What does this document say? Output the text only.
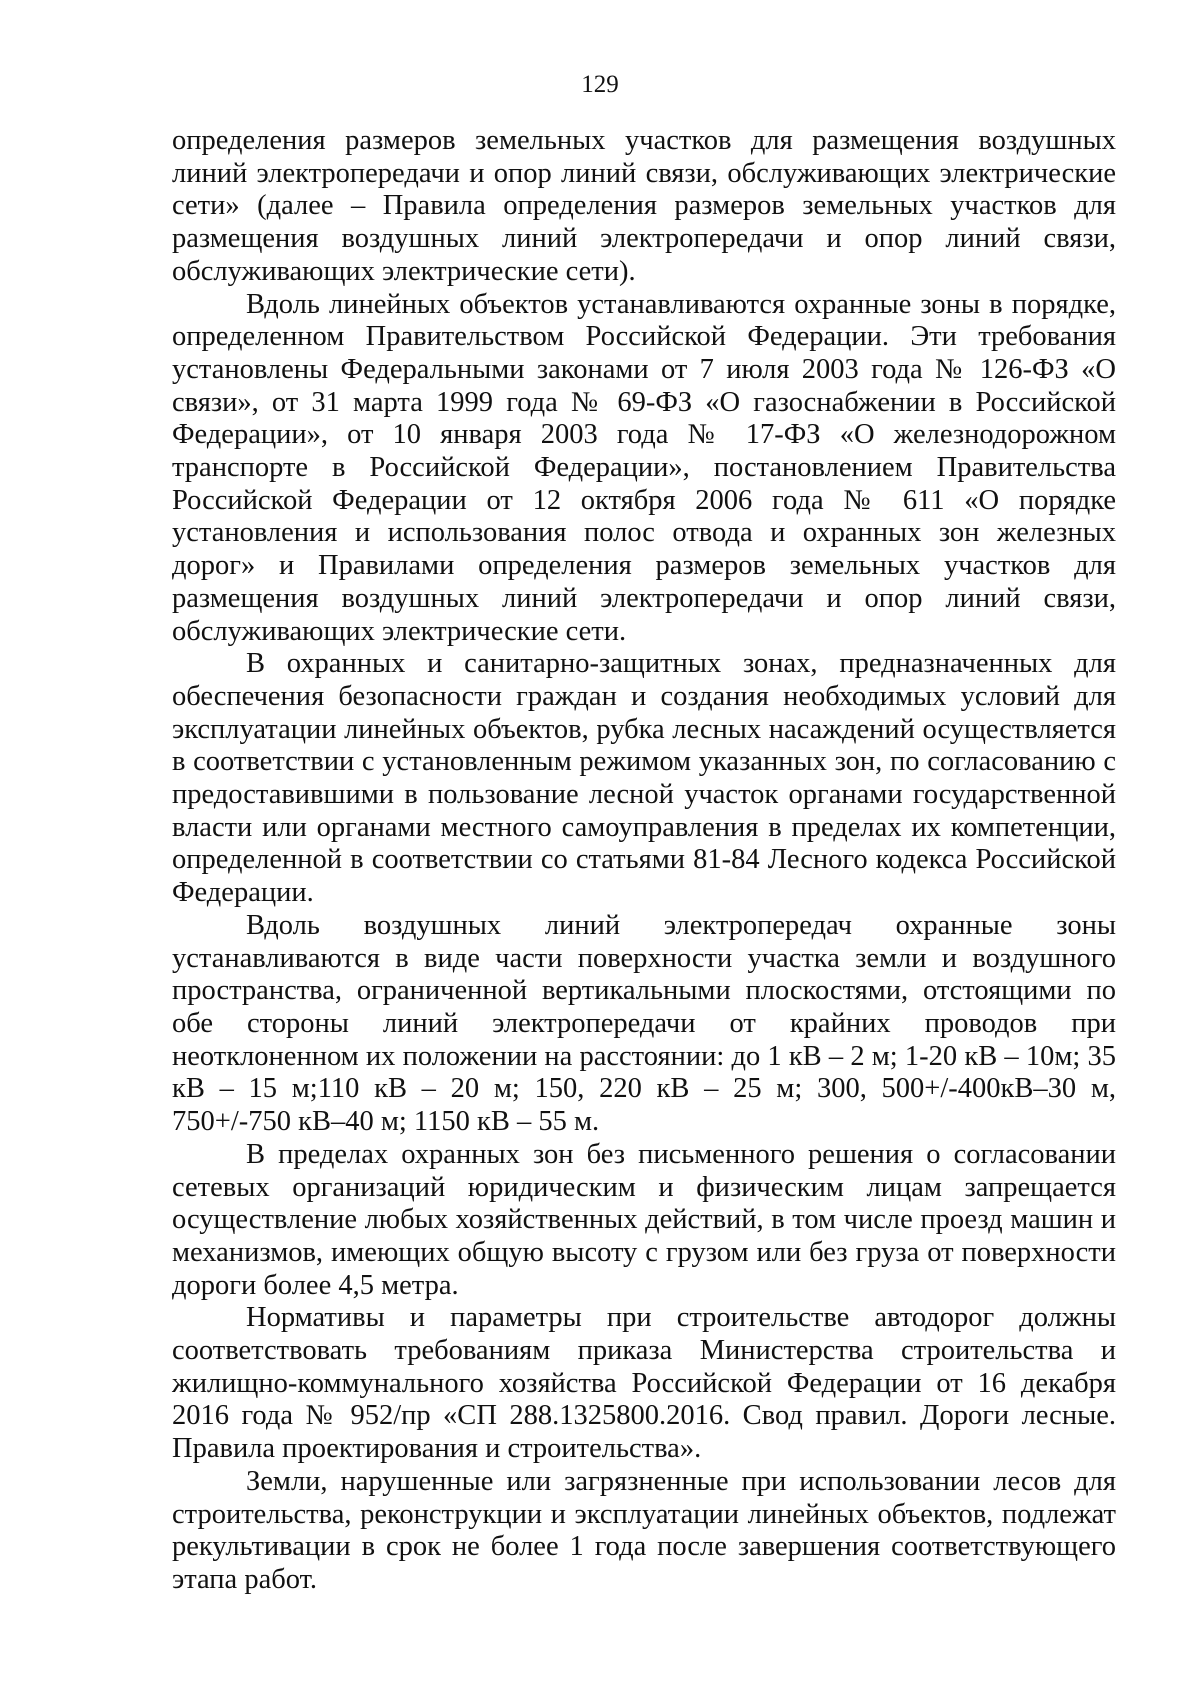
129

определения размеров земельных участков для размещения воздушных линий электропередачи и опор линий связи, обслуживающих электрические сети» (далее – Правила определения размеров земельных участков для размещения воздушных линий электропередачи и опор линий связи, обслуживающих электрические сети).

Вдоль линейных объектов устанавливаются охранные зоны в порядке, определенном Правительством Российской Федерации. Эти требования установлены Федеральными законами от 7 июля 2003 года № 126-ФЗ «О связи», от 31 марта 1999 года № 69-ФЗ «О газоснабжении в Российской Федерации», от 10 января 2003 года № 17-ФЗ «О железнодорожном транспорте в Российской Федерации», постановлением Правительства Российской Федерации от 12 октября 2006 года № 611 «О порядке установления и использования полос отвода и охранных зон железных дорог» и Правилами определения размеров земельных участков для размещения воздушных линий электропередачи и опор линий связи, обслуживающих электрические сети.

В охранных и санитарно-защитных зонах, предназначенных для обеспечения безопасности граждан и создания необходимых условий для эксплуатации линейных объектов, рубка лесных насаждений осуществляется в соответствии с установленным режимом указанных зон, по согласованию с предоставившими в пользование лесной участок органами государственной власти или органами местного самоуправления в пределах их компетенции, определенной в соответствии со статьями 81-84 Лесного кодекса Российской Федерации.

Вдоль воздушных линий электропередач охранные зоны устанавливаются в виде части поверхности участка земли и воздушного пространства, ограниченной вертикальными плоскостями, отстоящими по обе стороны линий электропередачи от крайних проводов при неотклоненном их положении на расстоянии: до 1 кВ – 2 м; 1-20 кВ – 10м; 35 кВ – 15 м;110 кВ – 20 м; 150, 220 кВ – 25 м; 300, 500+/-400кВ–30 м, 750+/-750 кВ–40 м; 1150 кВ – 55 м.

В пределах охранных зон без письменного решения о согласовании сетевых организаций юридическим и физическим лицам запрещается осуществление любых хозяйственных действий, в том числе проезд машин и механизмов, имеющих общую высоту с грузом или без груза от поверхности дороги более 4,5 метра.

Нормативы и параметры при строительстве автодорог должны соответствовать требованиям приказа Министерства строительства и жилищно-коммунального хозяйства Российской Федерации от 16 декабря 2016 года № 952/пр «СП 288.1325800.2016. Свод правил. Дороги лесные. Правила проектирования и строительства».

Земли, нарушенные или загрязненные при использовании лесов для строительства, реконструкции и эксплуатации линейных объектов, подлежат рекультивации в срок не более 1 года после завершения соответствующего этапа работ.
